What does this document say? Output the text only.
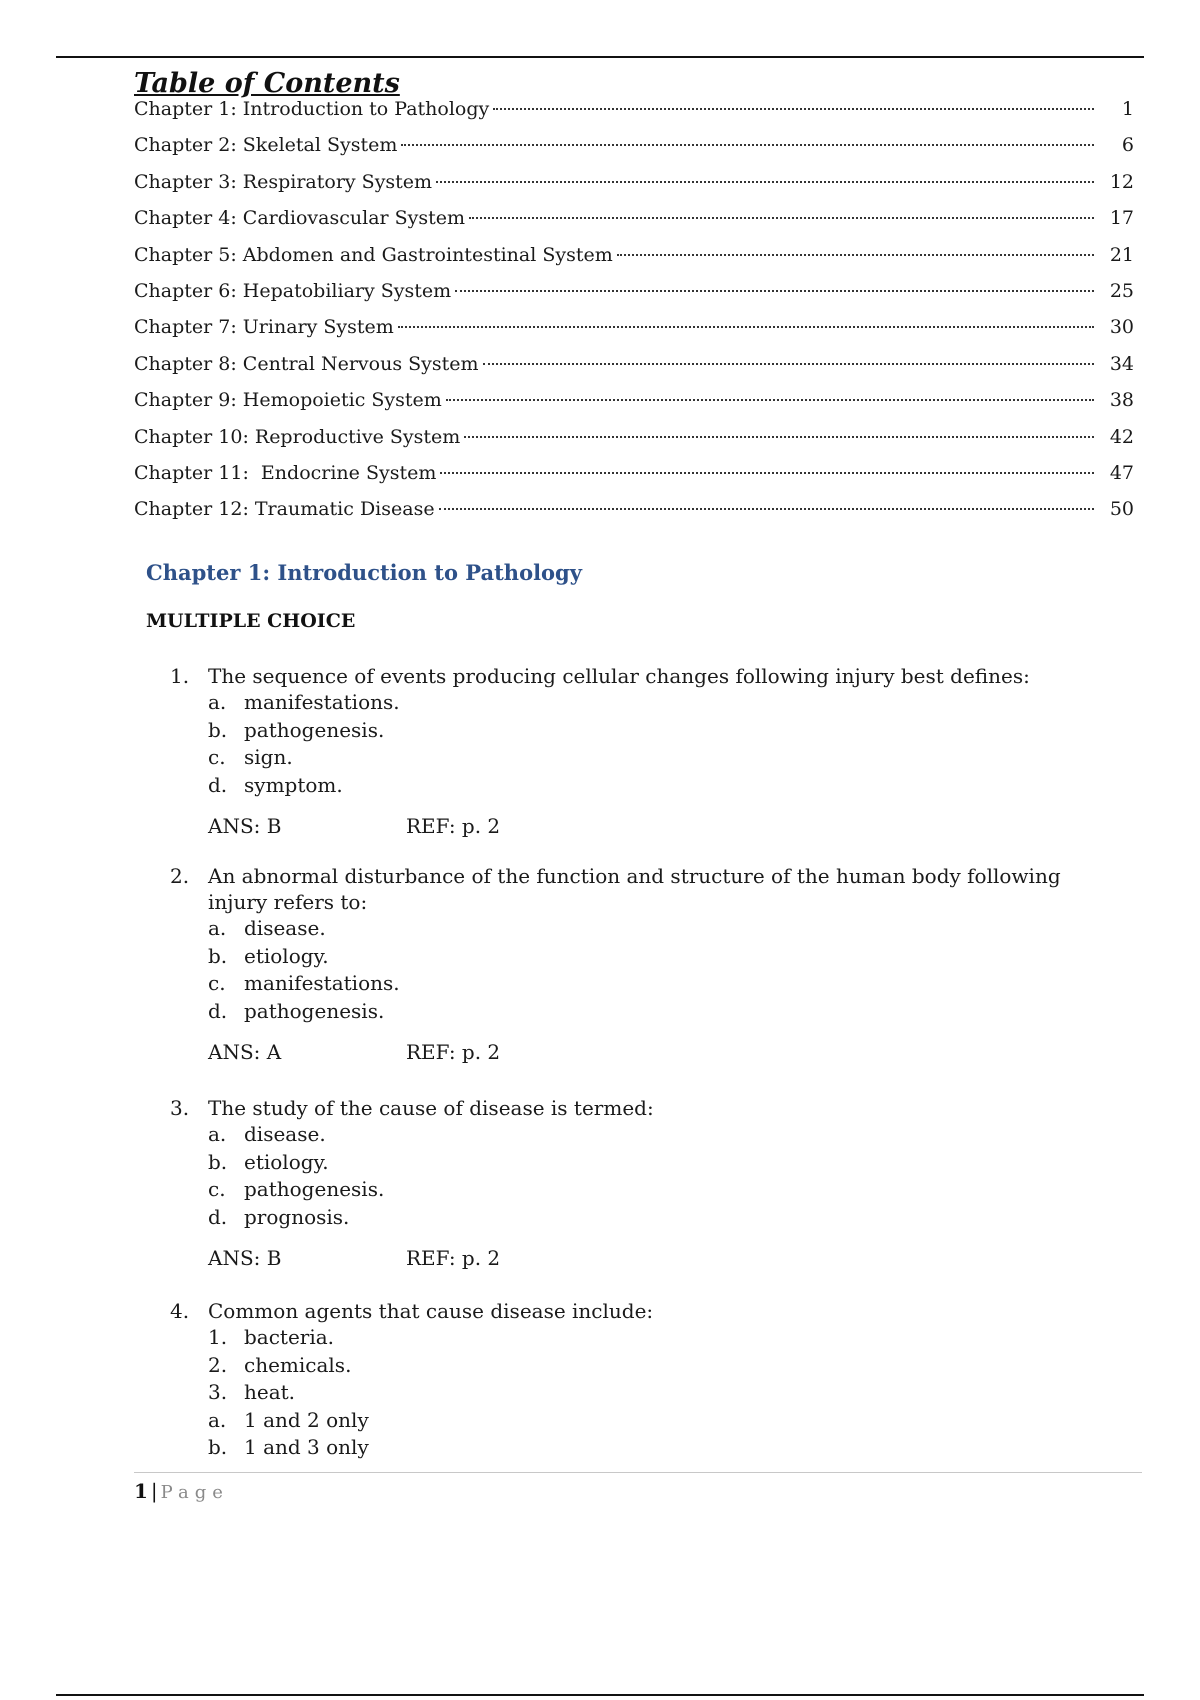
Table of Contents
Chapter 1: Introduction to Pathology	1
Chapter 2: Skeletal System	6
Chapter 3: Respiratory System	12
Chapter 4: Cardiovascular System	17
Chapter 5: Abdomen and Gastrointestinal System	21
Chapter 6: Hepatobiliary System	25
Chapter 7: Urinary System	30
Chapter 8: Central Nervous System	34
Chapter 9: Hemopoietic System	38
Chapter 10: Reproductive System	42
Chapter 11:  Endocrine System	47
Chapter 12: Traumatic Disease	50
Chapter 1: Introduction to Pathology
MULTIPLE CHOICE
1. The sequence of events producing cellular changes following injury best defines:
a. manifestations.
b. pathogenesis.
c. sign.
d. symptom.
ANS: B	REF: p. 2
2. An abnormal disturbance of the function and structure of the human body following injury refers to:
a. disease.
b. etiology.
c. manifestations.
d. pathogenesis.
ANS: A	REF: p. 2
3. The study of the cause of disease is termed:
a. disease.
b. etiology.
c. pathogenesis.
d. prognosis.
ANS: B	REF: p. 2
4. Common agents that cause disease include:
1. bacteria.
2. chemicals.
3. heat.
a. 1 and 2 only
b. 1 and 3 only
1 | Page
